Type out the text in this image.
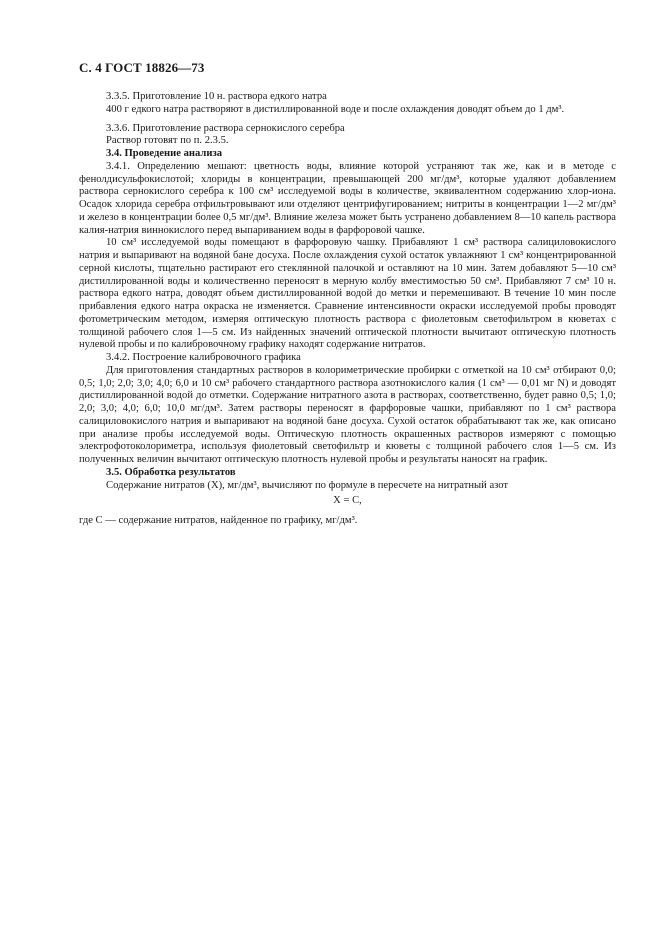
С. 4 ГОСТ 18826—73

3.3.5. Приготовление 10 н. раствора едкого натра

400 г едкого натра растворяют в дистиллированной воде и после охлаждения доводят объем до 1 дм³.

3.3.6. Приготовление раствора сернокислого серебра

Раствор готовят по п. 2.3.5.

3.4. Проведение анализа

3.4.1. Определению мешают: цветность воды, влияние которой устраняют так же, как и в методе с фенолдисульфокислотой; хлориды в концентрации, превышающей 200 мг/дм³, которые удаляют добавлением раствора сернокислого серебра к 100 см³ исследуемой воды в количестве, эквивалентном содержанию хлор-иона. Осадок хлорида серебра отфильтровывают или отделяют центрифугированием; нитриты в концентрации 1—2 мг/дм³ и железо в концентрации более 0,5 мг/дм³. Влияние железа может быть устранено добавлением 8—10 капель раствора калия-натрия виннокислого перед выпариванием воды в фарфоровой чашке.

10 см³ исследуемой воды помещают в фарфоровую чашку. Прибавляют 1 см³ раствора салициловокислого натрия и выпаривают на водяной бане досуха. После охлаждения сухой остаток увлажняют 1 см³ концентрированной серной кислоты, тщательно растирают его стеклянной палочкой и оставляют на 10 мин. Затем добавляют 5—10 см³ дистиллированной воды и количественно переносят в мерную колбу вместимостью 50 см³. Прибавляют 7 см³ 10 н. раствора едкого натра, доводят объем дистиллированной водой до метки и перемешивают. В течение 10 мин после прибавления едкого натра окраска не изменяется. Сравнение интенсивности окраски исследуемой пробы проводят фотометрическим методом, измеряя оптическую плотность раствора с фиолетовым светофильтром в кюветах с толщиной рабочего слоя 1—5 см. Из найденных значений оптической плотности вычитают оптическую плотность нулевой пробы и по калибровочному графику находят содержание нитратов.

3.4.2. Построение калибровочного графика

Для приготовления стандартных растворов в колориметрические пробирки с отметкой на 10 см³ отбирают 0,0; 0,5; 1,0; 2,0; 3,0; 4,0; 6,0 и 10 см³ рабочего стандартного раствора азотнокислого калия (1 см³ — 0,01 мг N) и доводят дистиллированной водой до отметки. Содержание нитратного азота в растворах, соответственно, будет равно 0,5; 1,0; 2,0; 3,0; 4,0; 6,0; 10,0 мг/дм³. Затем растворы переносят в фарфоровые чашки, прибавляют по 1 см³ раствора салициловокислого натрия и выпаривают на водяной бане досуха. Сухой остаток обрабатывают так же, как описано при анализе пробы исследуемой воды. Оптическую плотность окрашенных растворов измеряют с помощью электрофотоколориметра, используя фиолетовый светофильтр и кюветы с толщиной рабочего слоя 1—5 см. Из полученных величин вычитают оптическую плотность нулевой пробы и результаты наносят на график.

3.5. Обработка результатов

Содержание нитратов (X), мг/дм³, вычисляют по формуле в пересчете на нитратный азот

X = C,

где C — содержание нитратов, найденное по графику, мг/дм³.
